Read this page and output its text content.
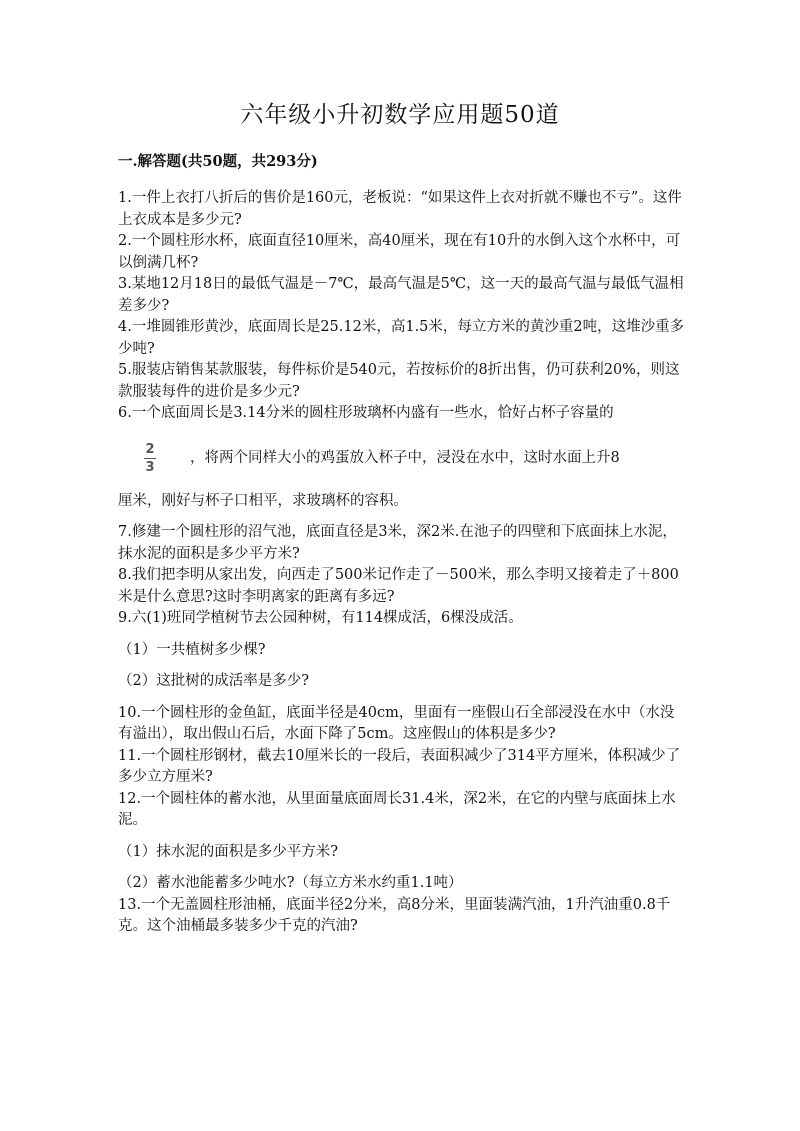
六年级小升初数学应用题50道
一.解答题(共50题，共293分)

1.一件上衣打八折后的售价是160元，老板说：“如果这件上衣对折就不赚也不亏”。这件上衣成本是多少元?

2.一个圆柱形水杯，底面直径10厘米，高40厘米，现在有10升的水倒入这个水杯中，可以倒满几杯?

3.某地12月18日的最低气温是－7℃，最高气温是5℃，这一天的最高气温与最低气温相差多少?

4.一堆圆锥形黄沙，底面周长是25.12米，高1.5米，每立方米的黄沙重2吨，这堆沙重多少吨?

5.服装店销售某款服装，每件标价是540元，若按标价的8折出售，仍可获利20%，则这款服装每件的进价是多少元?

6.一个底面周长是3.14分米的圆柱形玻璃杯内盛有一些水，恰好占杯子容量的

$\frac{2}{3}$ ，将两个同样大小的鸡蛋放入杯子中，浸没在水中，这时水面上升8

厘米，刚好与杯子口相平，求玻璃杯的容积。

7.修建一个圆柱形的沼气池，底面直径是3米，深2米.在池子的四壁和下底面抹上水泥，抹水泥的面积是多少平方米?

8.我们把李明从家出发，向西走了500米记作走了－500米，那么李明又接着走了＋800米是什么意思?这时李明离家的距离有多远?

9.六(1)班同学植树节去公园种树，有114棵成活，6棵没成活。

（1）一共植树多少棵?

（2）这批树的成活率是多少?

10.一个圆柱形的金鱼缸，底面半径是40cm，里面有一座假山石全部浸没在水中（水没有溢出），取出假山石后，水面下降了5cm。这座假山的体积是多少?

11.一个圆柱形钢材，截去10厘米长的一段后，表面积减少了314平方厘米，体积减少了多少立方厘米?

12.一个圆柱体的蓄水池，从里面量底面周长31.4米，深2米，在它的内壁与底面抹上水泥。

（1）抹水泥的面积是多少平方米?

（2）蓄水池能蓄多少吨水?（每立方米水约重1.1吨）

13.一个无盖圆柱形油桶，底面半径2分米，高8分米，里面装满汽油，1升汽油重0.8千克。这个油桶最多装多少千克的汽油?
